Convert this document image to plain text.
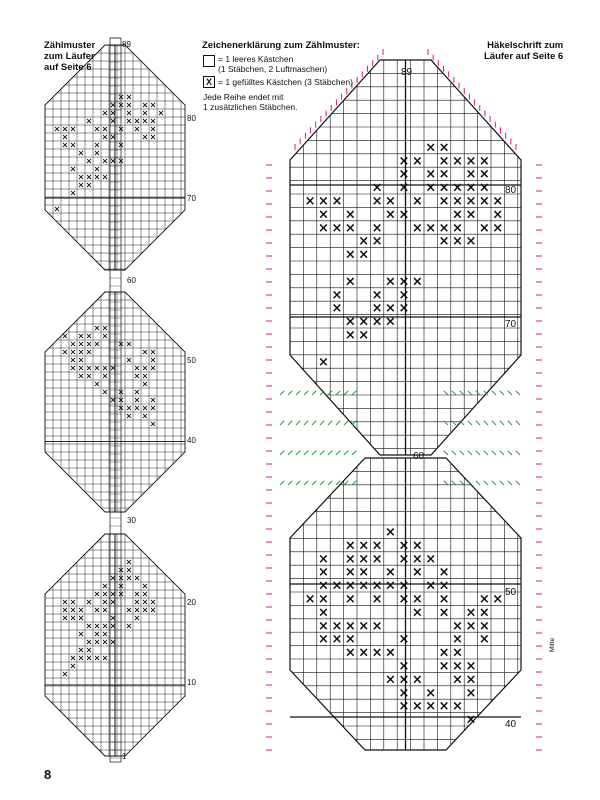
× ×
× × × × ×
× × × × ×
× × × × × ×
× × × × × × × ×
×	× ×	× ×
× × × ×
× ×
× × × ×
× ×
× × × ×
× ×
×
×
× ×
× × × ×
× × × × × ×
× × × ×	× ×
× ×	× ×
× × × × × × × × ×
× × ×	× ×
×	×
× × ×
× × × ×
× × × × ×
× ×
×
×
× ×
× × × ×
× × ×
× × × × × ×
× × × × × × × ×
× × × × × × × × ×
× × ×	× ×
× × × × ×
× × ×
× × × ×
× ×
× × × × ×
×
×
× ×
× × × × × ×
× × × × ×
× × × × × × ×
× × × × × × × × × × ×
× × × ×	× × ×
× × × × × × × × × ×
× ×	× × ×
× ×
× × × ×
× × ×
× × × ×
× × × ×
× ×
×
×
× × × × ×
× × × × × × ×
× × × × × ×
× × × × × × × × ×
× × × × × × × × ×
×	× × × ×
× × × × ×	× × ×
× × ×	×	× ×
× × × ×	× ×
× × × ×
× × × × ×
× × ×
× × × × ×
×
Zählmuster
zum Läufer
auf Seite 6
Häkelschrift zum
Läufer auf Seite 6
Zeichenerklärung zum Zählmuster:
= 1 leeres Kästchen
(1 Stäbchen, 2 Luftmaschen)
X = 1 gefülltes Kästchen (3 Stäbchen)
Jede Reihe endet mit
1 zusätzlichen Stäbchen.
89
80
70
60
50
40
30
20
10
1
89
80
70
60
50
40
Mitte
8
